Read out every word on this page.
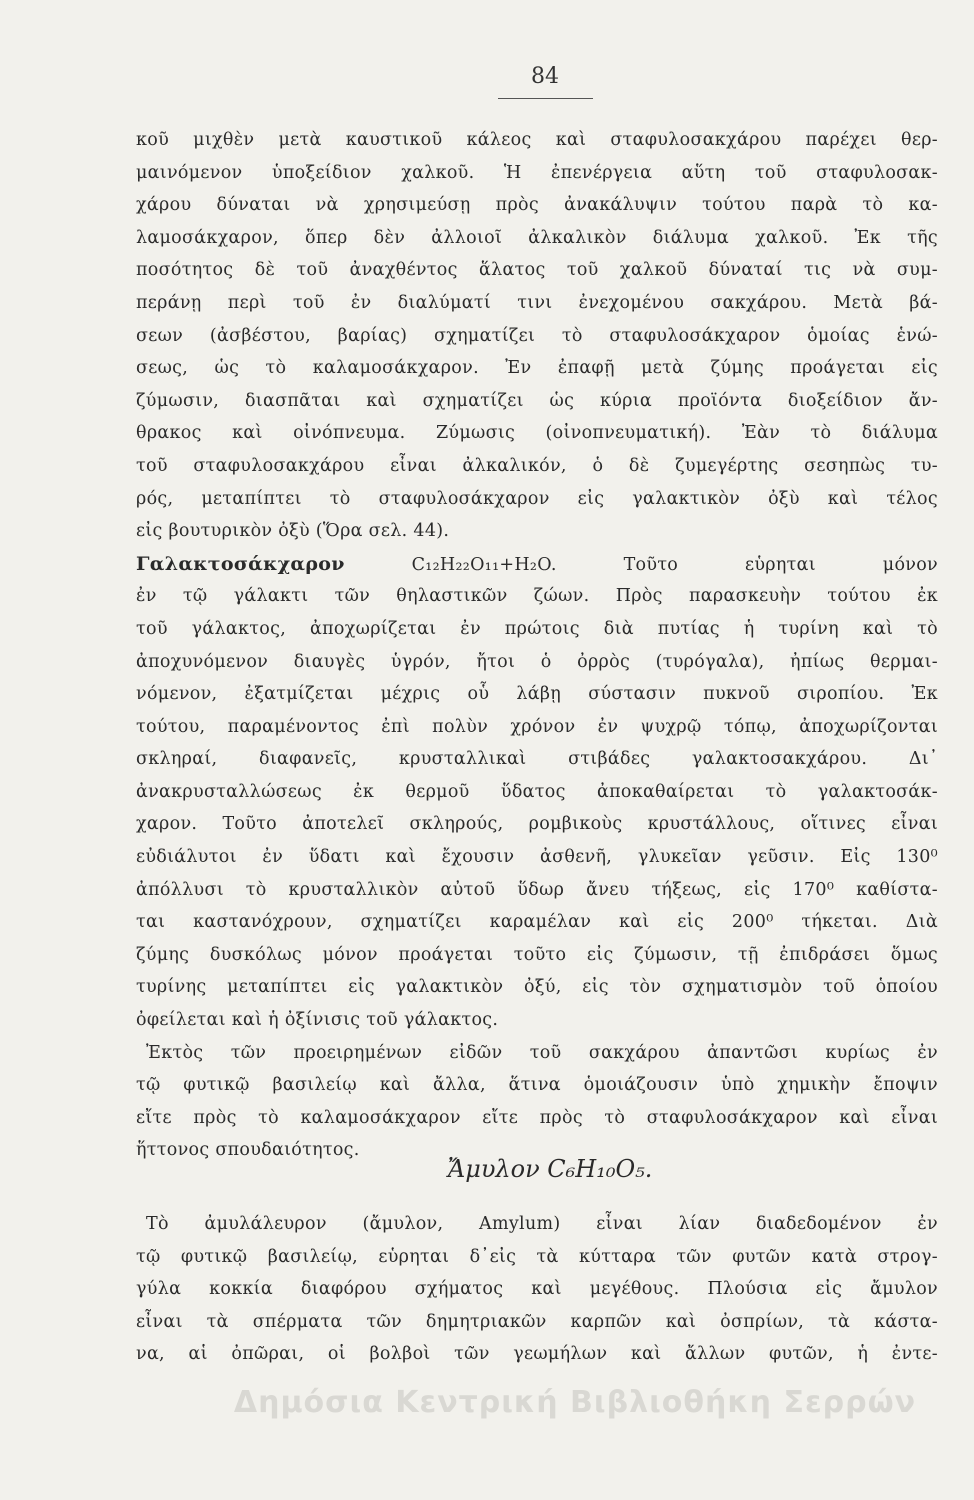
84
κοῦ μιχθὲν μετὰ καυστικοῦ κάλεος καὶ σταφυλοσακχάρου παρέχει θερ-
μαινόμενον ὑποξείδιον χαλκοῦ. Ἡ ἐπενέργεια αὕτη τοῦ σταφυλοσακ-
χάρου δύναται νὰ χρησιμεύσῃ πρὸς ἀνακάλυψιν τούτου παρὰ τὸ κα-
λαμοσάκχαρον, ὅπερ δὲν ἀλλοιοῖ ἀλκαλικὸν διάλυμα χαλκοῦ. Ἐκ τῆς
ποσότητος δὲ τοῦ ἀναχθέντος ἅλατος τοῦ χαλκοῦ δύναταί τις νὰ συμ-
περάνῃ περὶ τοῦ ἐν διαλύματί τινι ἐνεχομένου σακχάρου. Μετὰ βά-
σεων (ἀσβέστου, βαρίας) σχηματίζει τὸ σταφυλοσάκχαρον ὁμοίας ἑνώ-
σεως, ὡς τὸ καλαμοσάκχαρον. Ἐν ἐπαφῇ μετὰ ζύμης προάγεται εἰς
ζύμωσιν, διασπᾶται καὶ σχηματίζει ὡς κύρια προϊόντα διοξείδιον ἄν-
θρακος καὶ οἰνόπνευμα. Ζύμωσις (οἰνοπνευματική). Ἐὰν τὸ διάλυμα
τοῦ σταφυλοσακχάρου εἶναι ἀλκαλικόν, ὁ δὲ ζυμεγέρτης σεσηπὼς τυ-
ρός, μεταπίπτει τὸ σταφυλοσάκχαρον εἰς γαλακτικὸν ὀξὺ καὶ τέλος
εἰς βουτυρικὸν ὀξὺ (Ὅρα σελ. 44).
Γαλακτοσάκχαρον	C₁₂H₂₂O₁₁+H₂O.	Τοῦτο εὑρηται μόνον
ἐν τῷ γάλακτι τῶν θηλαστικῶν ζώων. Πρὸς παρασκευὴν τούτου ἐκ
τοῦ γάλακτος, ἀποχωρίζεται ἐν πρώτοις διὰ πυτίας ἡ τυρίνη καὶ τὸ
ἀποχυνόμενον διαυγὲς ὑγρόν, ἤτοι ὁ ὀρρὸς (τυρόγαλα), ἠπίως θερμαι-
νόμενον, ἐξατμίζεται μέχρις οὗ λάβῃ σύστασιν πυκνοῦ σιροπίου. Ἐκ
τούτου, παραμένοντος ἐπὶ πολὺν χρόνον ἐν ψυχρῷ τόπῳ, ἀποχωρίζονται
σκληραί, διαφανεῖς, κρυσταλλικαὶ στιβάδες γαλακτοσακχάρου. Δι᾽
ἀνακρυσταλλώσεως ἐκ θερμοῦ ὕδατος ἀποκαθαίρεται τὸ γαλακτοσάκ-
χαρον. Τοῦτο ἀποτελεῖ σκληρούς, ρομβικοὺς κρυστάλλους, οἵτινες εἶναι
εὐδιάλυτοι ἐν ὕδατι καὶ ἔχουσιν ἀσθενῆ, γλυκεῖαν γεῦσιν. Εἰς 130⁰
ἀπόλλυσι τὸ κρυσταλλικὸν αὐτοῦ ὕδωρ ἄνευ τήξεως, εἰς 170⁰ καθίστα-
ται καστανόχρουν, σχηματίζει καραμέλαν καὶ εἰς 200⁰ τήκεται. Διὰ
ζύμης δυσκόλως μόνον προάγεται τοῦτο εἰς ζύμωσιν, τῇ ἐπιδράσει ὅμως
τυρίνης μεταπίπτει εἰς γαλακτικὸν ὀξύ, εἰς τὸν σχηματισμὸν τοῦ ὁποίου
ὀφείλεται καὶ ἡ ὀξίνισις τοῦ γάλακτος.
Ἐκτὸς τῶν προειρημένων εἰδῶν τοῦ σακχάρου ἀπαντῶσι κυρίως ἐν
τῷ φυτικῷ βασιλείῳ καὶ ἄλλα, ἅτινα ὁμοιάζουσιν ὑπὸ χημικὴν ἔποψιν
εἴτε πρὸς τὸ καλαμοσάκχαρον εἴτε πρὸς τὸ σταφυλοσάκχαρον καὶ εἶναι
ἥττονος σπουδαιότητος.
Ἄμυλον C₆H₁₀O₅.
Τὸ ἀμυλάλευρον (ἄμυλον, Amylum) εἶναι λίαν διαδεδομένον ἐν
τῷ φυτικῷ βασιλείῳ, εὑρηται δ᾽εἰς τὰ κύτταρα τῶν φυτῶν κατὰ στρογ-
γύλα κοκκία διαφόρου σχήματος καὶ μεγέθους. Πλούσια εἰς ἄμυλον
εἶναι τὰ σπέρματα τῶν δημητριακῶν καρπῶν καὶ ὀσπρίων, τὰ κάστα-
να, αἱ ὀπῶραι, οἱ βολβοὶ τῶν γεωμήλων καὶ ἄλλων φυτῶν, ἡ ἐντε-
Δημόσια Κεντρική Βιβλιοθήκη Σερρών
